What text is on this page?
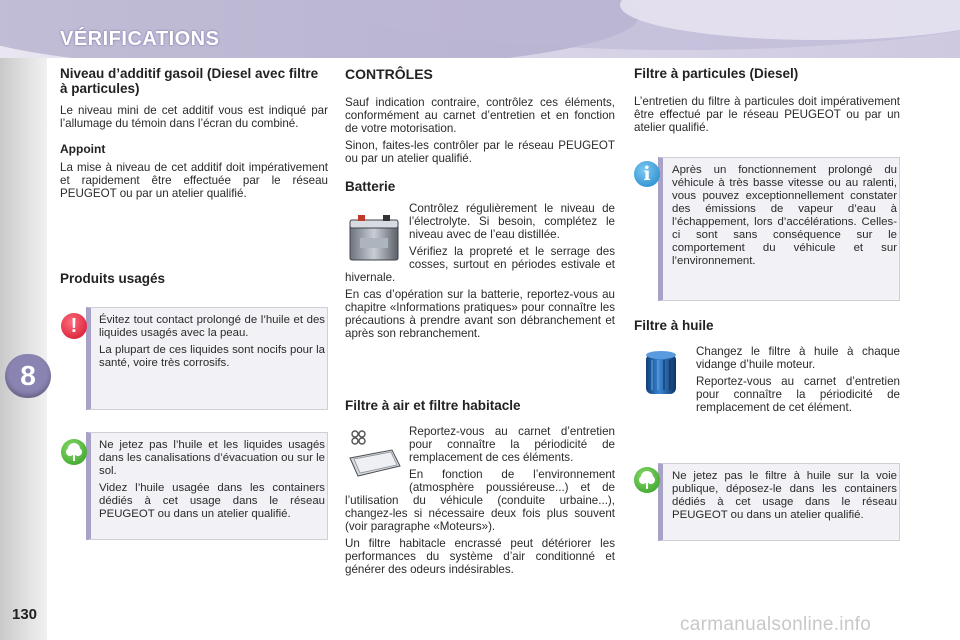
VÉRIFICATIONS
8
130
Niveau d’additif gasoil (Diesel avec filtre à particules)

Le niveau mini de cet additif vous est indiqué par l’allumage du témoin dans l’écran du combiné.

Appoint

La mise à niveau de cet additif doit impérativement et rapidement être effectuée par le réseau PEUGEOT ou par un atelier qualifié.

Produits usagés

Évitez tout contact prolongé de l’huile et des liquides usagés avec la peau.

La plupart de ces liquides sont nocifs pour la santé, voire très corrosifs.

!

Ne jetez pas l’huile et les liquides usagés dans les canalisations d’évacuation ou sur le sol.

Videz l’huile usagée dans les containers dédiés à cet usage dans le réseau PEUGEOT ou dans un atelier qualifié.

CONTRÔLES

Sauf indication contraire, contrôlez ces éléments, conformément au carnet d’entretien et en fonction de votre motorisation.

Sinon, faites-les contrôler par le réseau PEUGEOT ou par un atelier qualifié.

Batterie

Contrôlez régulièrement le niveau de l’électrolyte. Si besoin, complétez le niveau avec de l’eau distillée.

Vérifiez la propreté et le serrage des cosses, surtout en périodes estivale et hivernale.

En cas d’opération sur la batterie, reportez-vous au chapitre «Informations pratiques» pour connaître les précautions à prendre avant son débranchement et après son rebranchement.

Filtre à air et filtre habitacle

Reportez-vous au carnet d’entretien pour connaître la périodicité de remplacement de ces éléments.

En fonction de l’environnement (atmosphère poussiéreuse...) et de l’utilisation du véhicule (conduite urbaine...), changez-les si nécessaire deux fois plus souvent (voir paragraphe «Moteurs»).

Un filtre habitacle encrassé peut détériorer les performances du système d’air conditionné et générer des odeurs indésirables.

Filtre à particules (Diesel)

L’entretien du filtre à particules doit impérativement être effectué par le réseau PEUGEOT ou par un atelier qualifié.

Après un fonctionnement prolongé du véhicule à très basse vitesse ou au ralenti, vous pouvez exceptionnellement constater des émissions de vapeur d’eau à l’échappement, lors d’accélérations. Celles-ci sont sans conséquence sur le comportement du véhicule et sur l’environnement.

i
Filtre à huile

Changez le filtre à huile à chaque vidange d’huile moteur.

Reportez-vous au carnet d’entretien pour connaître la périodicité de remplacement de cet élément.

Ne jetez pas le filtre à huile sur la voie publique, déposez-le dans les containers dédiés à cet usage dans le réseau PEUGEOT ou dans un atelier qualifié.

carmanualsonline.info
